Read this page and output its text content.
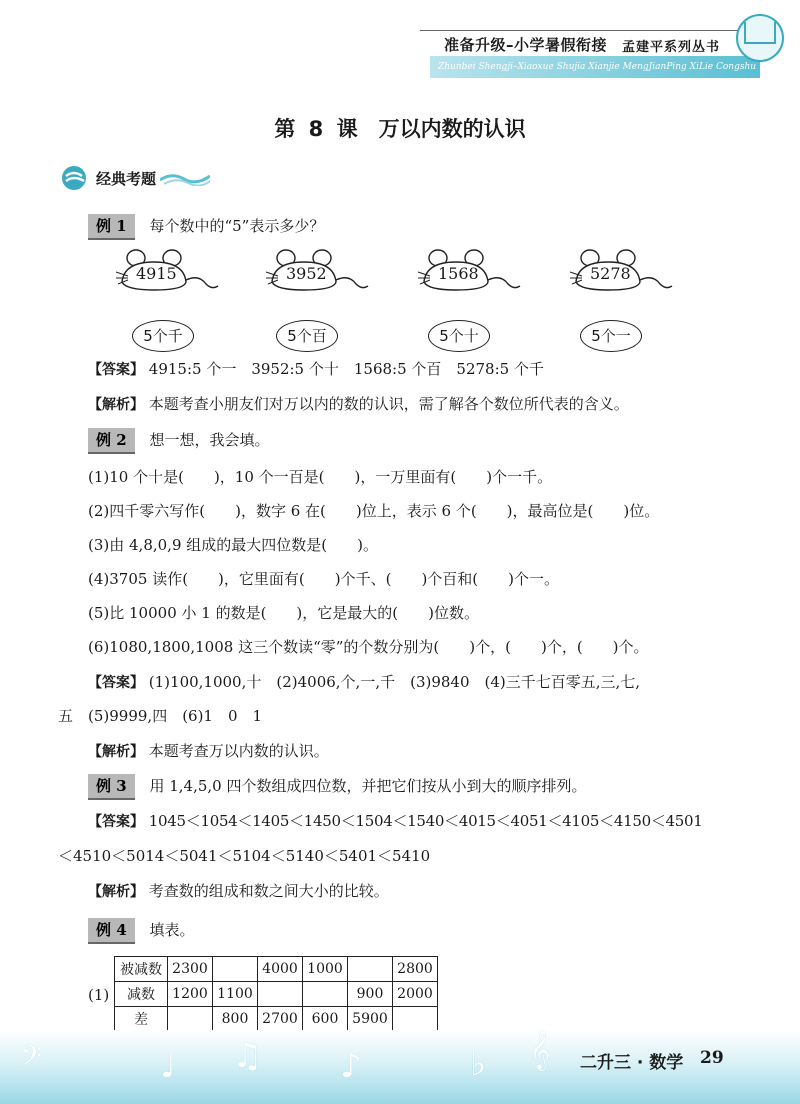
准备升级–小学暑假衔接 孟建平系列丛书
Zhunbei Shengji–Xiaoxue Shujia Xianjie MengJianPing XiLie Congshu
第 8 课　万以内数的认识
经典考题
例 1 每个数中的“5”表示多少？
4915	3952	1568	5278
5个千	5个百	5个十	5个一
【答案】 4915:5 个一　3952:5 个十　1568:5 个百　5278:5 个千
【解析】 本题考查小朋友们对万以内的数的认识，需了解各个数位所代表的含义。
例 2 想一想，我会填。
(1)10 个十是(　　)，10 个一百是(　　)，一万里面有(　　)个一千。
(2)四千零六写作(　　)，数字 6 在(　　)位上，表示 6 个(　　)，最高位是(　　)位。
(3)由 4,8,0,9 组成的最大四位数是(　　)。
(4)3705 读作(　　)，它里面有(　　)个千、(　　)个百和(　　)个一。
(5)比 10000 小 1 的数是(　　)，它是最大的(　　)位数。
(6)1080,1800,1008 这三个数读“零”的个数分别为(　　)个，(　　)个，(　　)个。
【答案】 (1)100,1000,十　(2)4006,个,一,千　(3)9840　(4)三千七百零五,三,七,
五　(5)9999,四　(6)1　0　1
【解析】 本题考查万以内数的认识。
例 3 用 1,4,5,0 四个数组成四位数，并把它们按从小到大的顺序排列。
【答案】 1045＜1054＜1405＜1450＜1504＜1540＜4015＜4051＜4105＜4150＜4501
＜4510＜5014＜5041＜5104＜5140＜5401＜5410
【解析】 考查数的组成和数之间大小的比较。
例 4 填表。
(1)
被减数	2300		4000	1000		2800
减数	1200	1100			900	2000
差		800	2700	600	5900	
𝄢	♩ ♫ ♪	♭ 𝄞 二升三 · 数学 29
